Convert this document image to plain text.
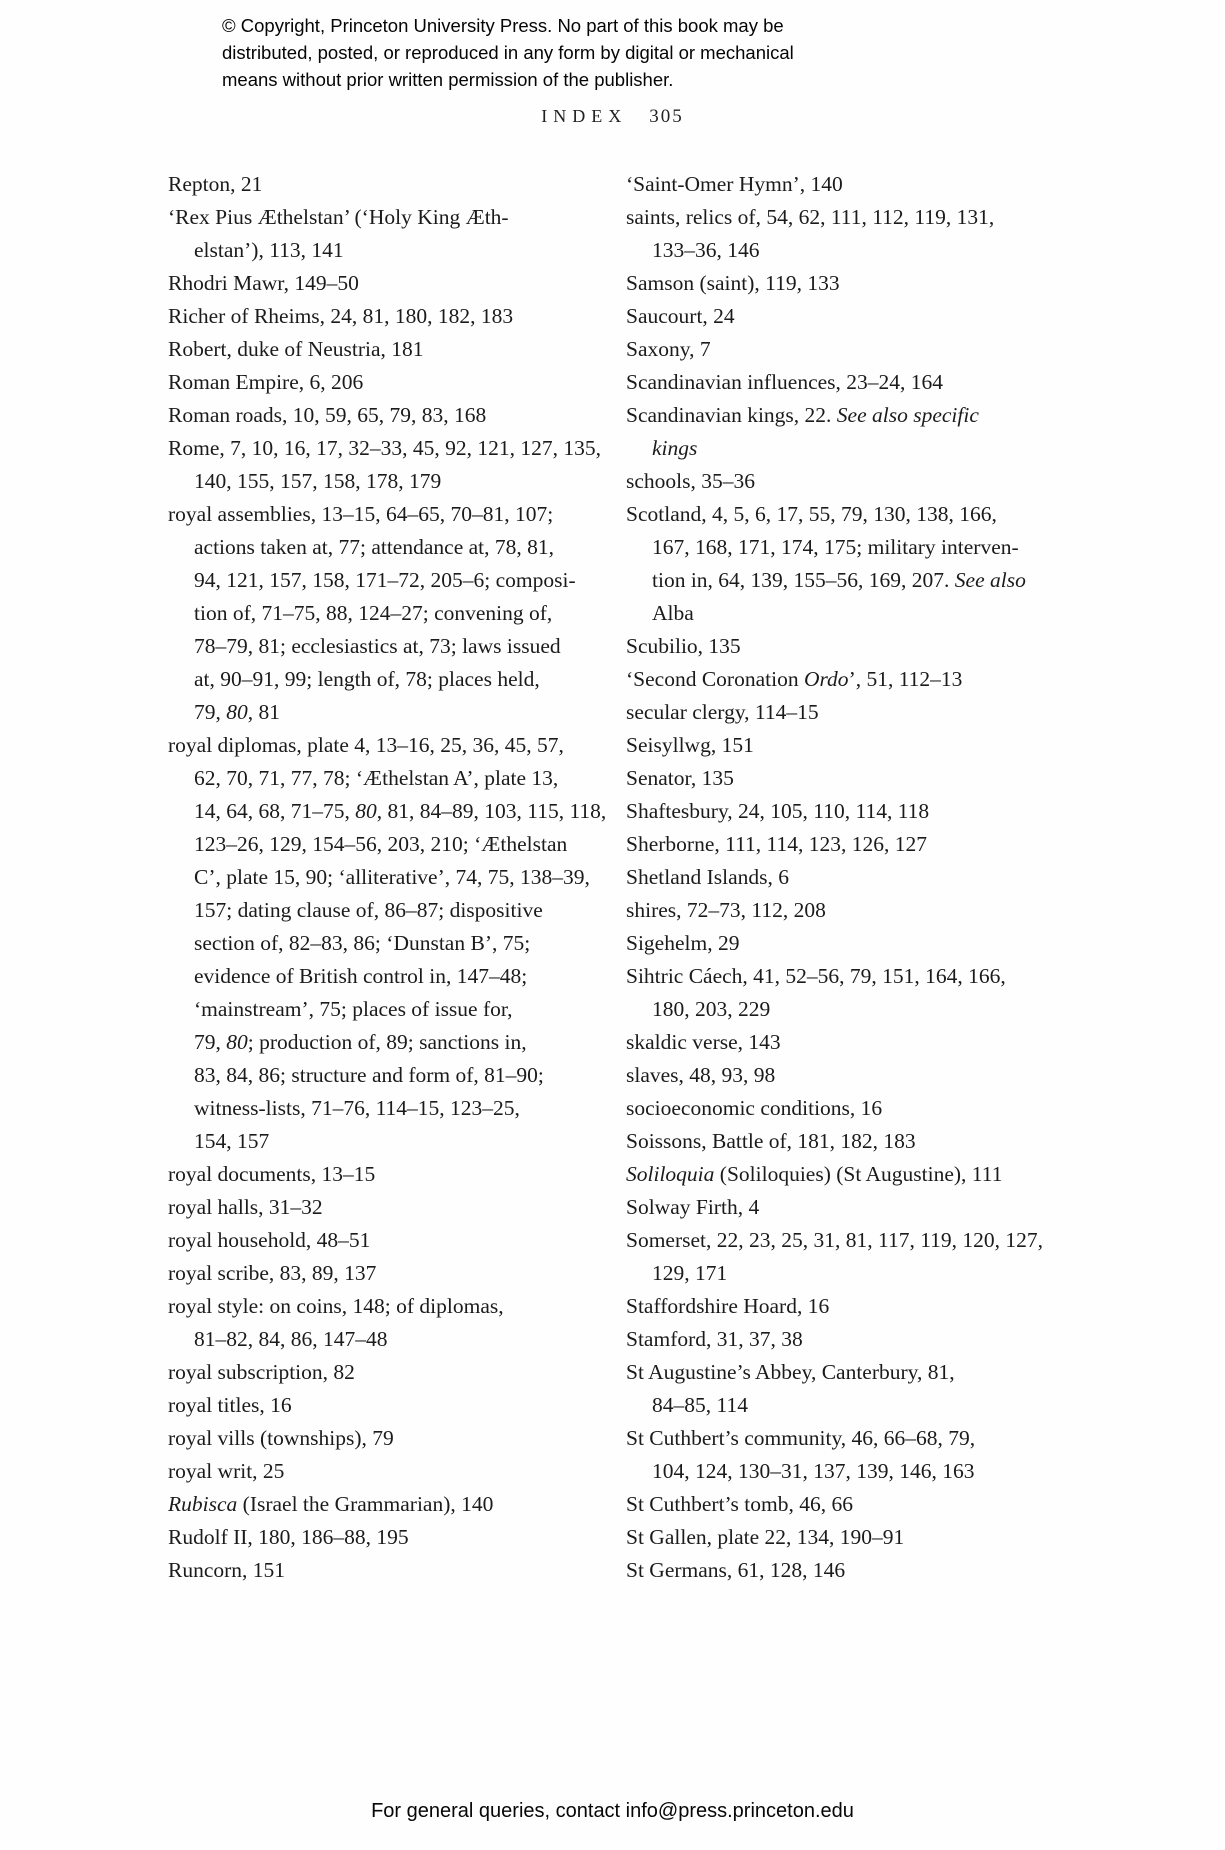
© Copyright, Princeton University Press. No part of this book may be
distributed, posted, or reproduced in any form by digital or mechanical
means without prior written permission of the publisher.
INDEX 305
Repton, 21
‘Rex Pius Æthelstan’ (‘Holy King Æth-
elstan’), 113, 141
Rhodri Mawr, 149–50
Richer of Rheims, 24, 81, 180, 182, 183
Robert, duke of Neustria, 181
Roman Empire, 6, 206
Roman roads, 10, 59, 65, 79, 83, 168
Rome, 7, 10, 16, 17, 32–33, 45, 92, 121, 127, 135,
140, 155, 157, 158, 178, 179
royal assemblies, 13–15, 64–65, 70–81, 107;
actions taken at, 77; attendance at, 78, 81,
94, 121, 157, 158, 171–72, 205–6; composi-
tion of, 71–75, 88, 124–27; convening of,
78–79, 81; ecclesiastics at, 73; laws issued
at, 90–91, 99; length of, 78; places held,
79, 80, 81
royal diplomas, plate 4, 13–16, 25, 36, 45, 57,
62, 70, 71, 77, 78; ‘Æthelstan A’, plate 13,
14, 64, 68, 71–75, 80, 81, 84–89, 103, 115, 118,
123–26, 129, 154–56, 203, 210; ‘Æthelstan
C’, plate 15, 90; ‘alliterative’, 74, 75, 138–39,
157; dating clause of, 86–87; dispositive
section of, 82–83, 86; ‘Dunstan B’, 75;
evidence of British control in, 147–48;
‘mainstream’, 75; places of issue for,
79, 80; production of, 89; sanctions in,
83, 84, 86; structure and form of, 81–90;
witness-lists, 71–76, 114–15, 123–25,
154, 157
royal documents, 13–15
royal halls, 31–32
royal household, 48–51
royal scribe, 83, 89, 137
royal style: on coins, 148; of diplomas,
81–82, 84, 86, 147–48
royal subscription, 82
royal titles, 16
royal vills (townships), 79
royal writ, 25
Rubisca (Israel the Grammarian), 140
Rudolf II, 180, 186–88, 195
Runcorn, 151
‘Saint-Omer Hymn’, 140
saints, relics of, 54, 62, 111, 112, 119, 131,
133–36, 146
Samson (saint), 119, 133
Saucourt, 24
Saxony, 7
Scandinavian influences, 23–24, 164
Scandinavian kings, 22. See also specific
kings
schools, 35–36
Scotland, 4, 5, 6, 17, 55, 79, 130, 138, 166,
167, 168, 171, 174, 175; military interven-
tion in, 64, 139, 155–56, 169, 207. See also
Alba
Scubilio, 135
‘Second Coronation Ordo’, 51, 112–13
secular clergy, 114–15
Seisyllwg, 151
Senator, 135
Shaftesbury, 24, 105, 110, 114, 118
Sherborne, 111, 114, 123, 126, 127
Shetland Islands, 6
shires, 72–73, 112, 208
Sigehelm, 29
Sihtric Cáech, 41, 52–56, 79, 151, 164, 166,
180, 203, 229
skaldic verse, 143
slaves, 48, 93, 98
socioeconomic conditions, 16
Soissons, Battle of, 181, 182, 183
Soliloquia (Soliloquies) (St Augustine), 111
Solway Firth, 4
Somerset, 22, 23, 25, 31, 81, 117, 119, 120, 127,
129, 171
Staffordshire Hoard, 16
Stamford, 31, 37, 38
St Augustine’s Abbey, Canterbury, 81,
84–85, 114
St Cuthbert’s community, 46, 66–68, 79,
104, 124, 130–31, 137, 139, 146, 163
St Cuthbert’s tomb, 46, 66
St Gallen, plate 22, 134, 190–91
St Germans, 61, 128, 146
For general queries, contact info@press.princeton.edu
